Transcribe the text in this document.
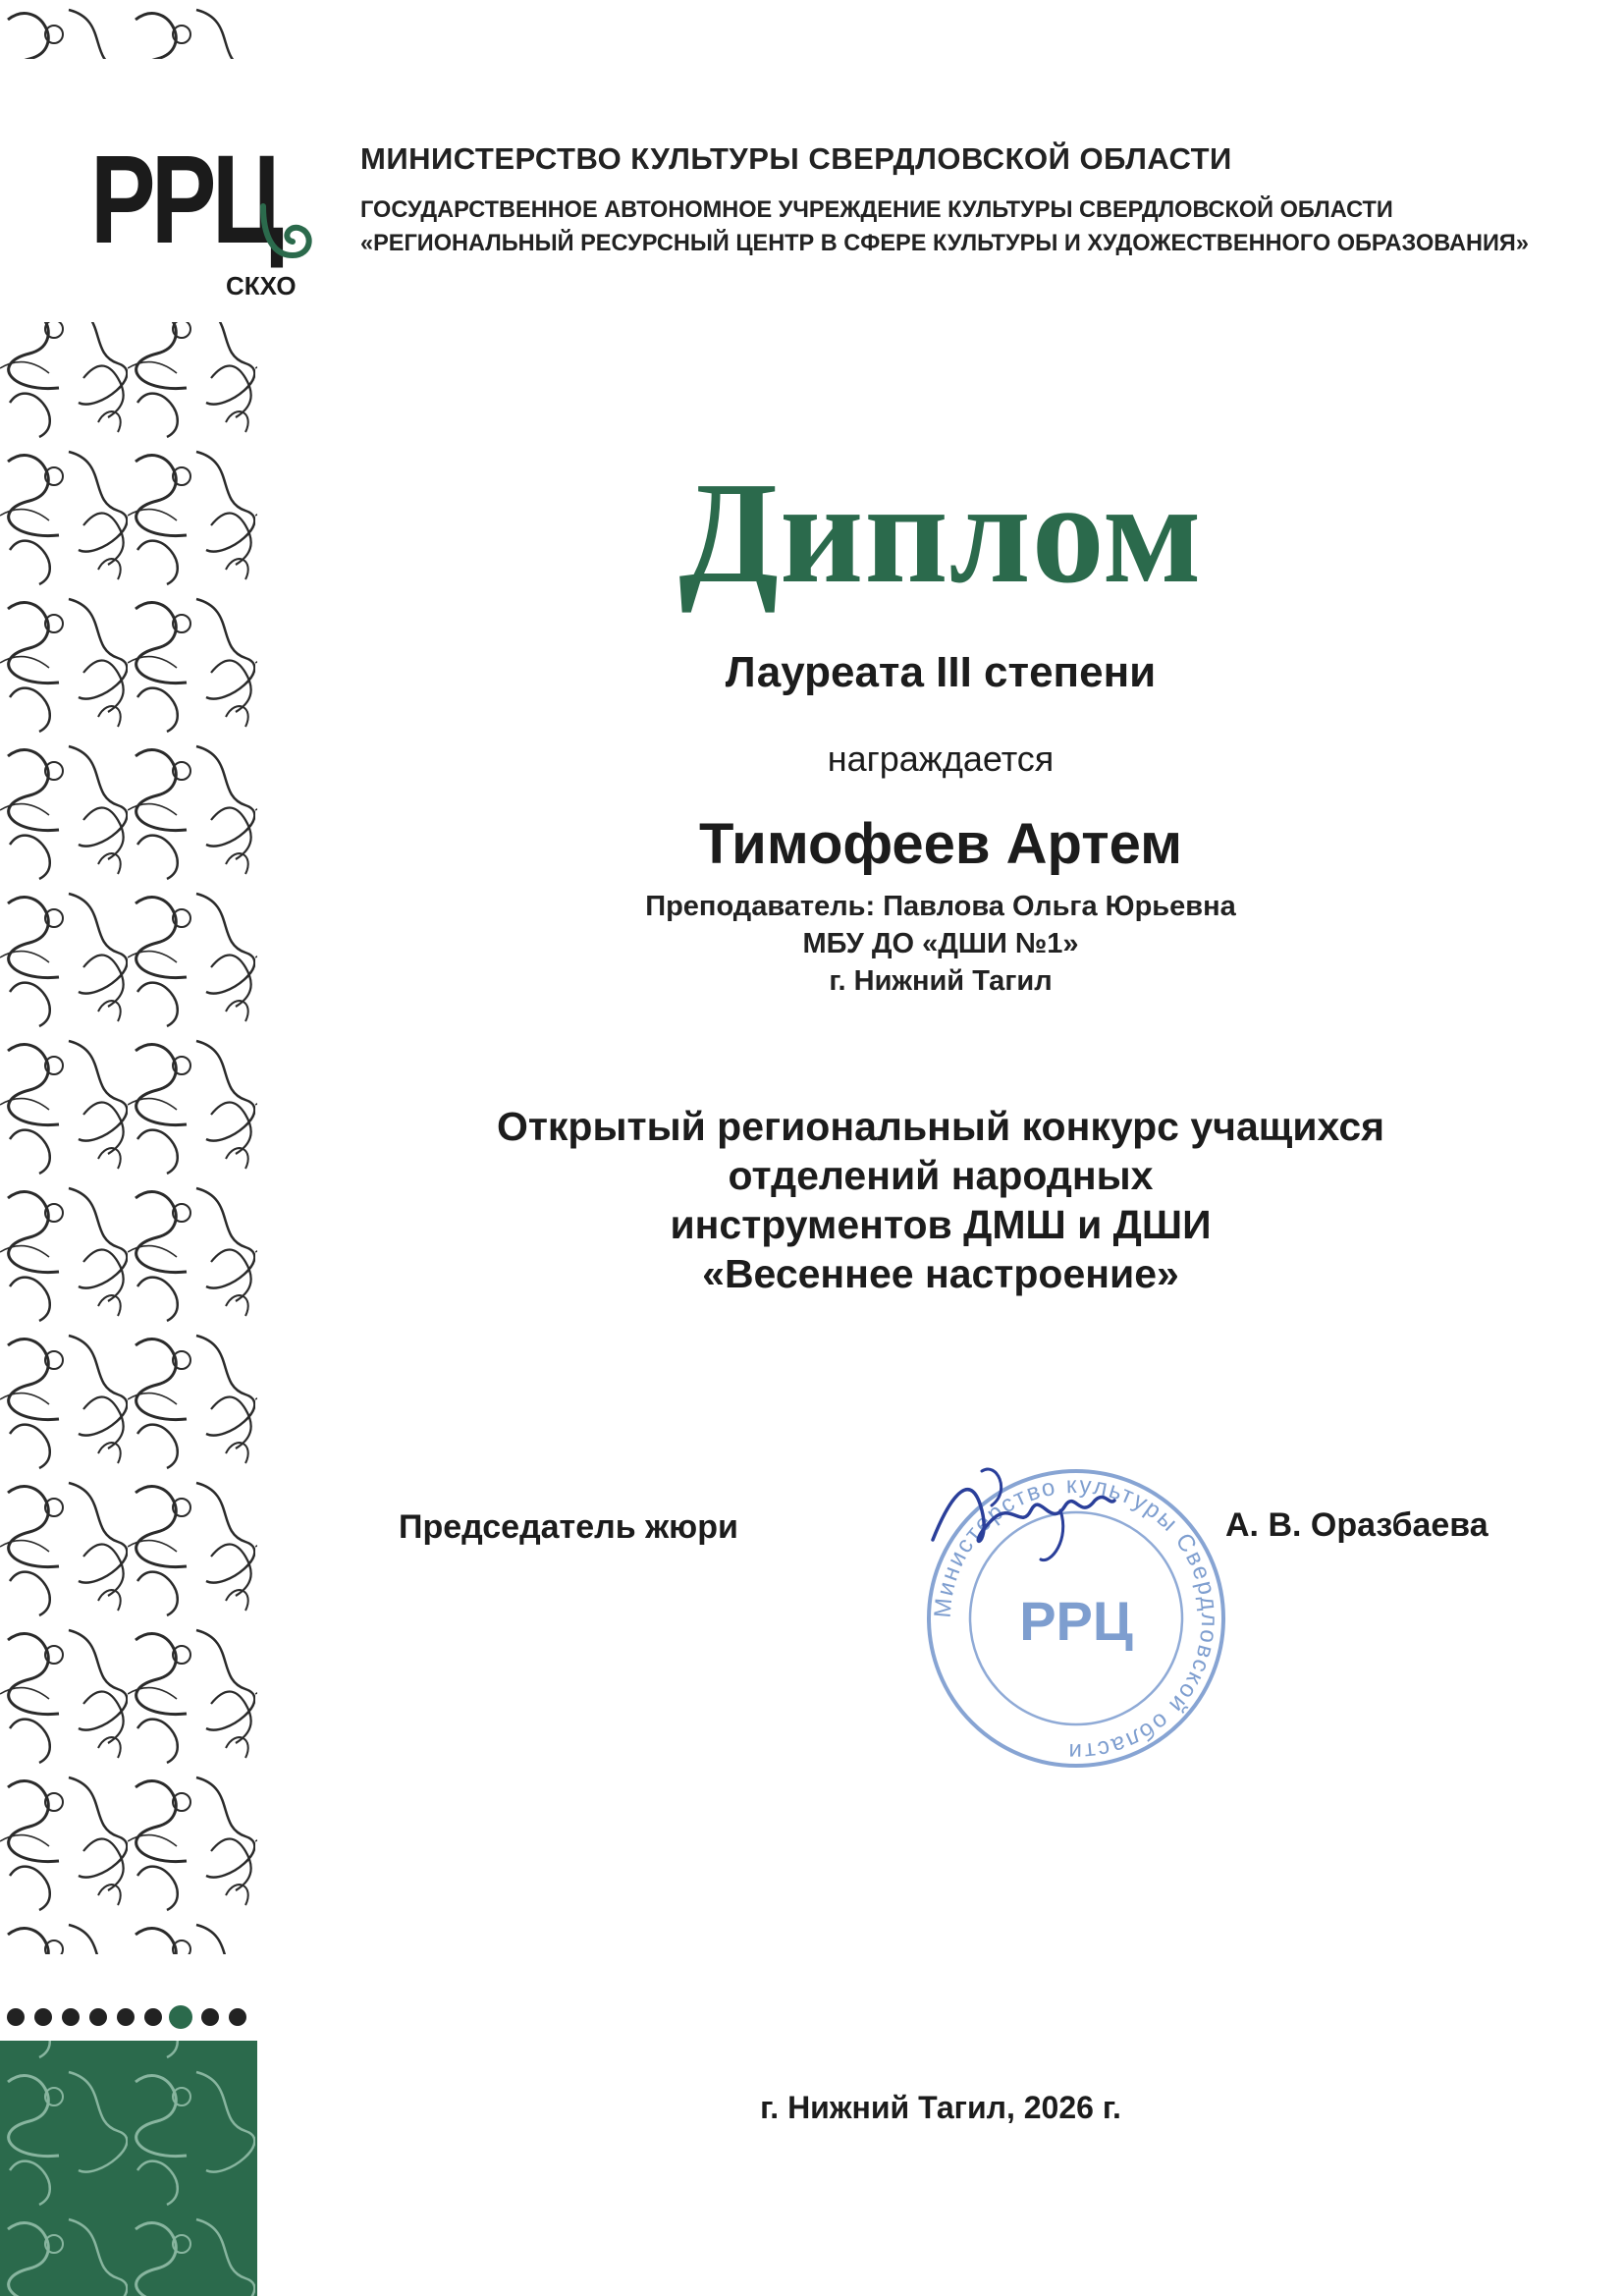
РРЦ
СКХО
МИНИСТЕРСТВО КУЛЬТУРЫ СВЕРДЛОВСКОЙ ОБЛАСТИ
ГОСУДАРСТВЕННОЕ АВТОНОМНОЕ УЧРЕЖДЕНИЕ КУЛЬТУРЫ СВЕРДЛОВСКОЙ ОБЛАСТИ
«РЕГИОНАЛЬНЫЙ РЕСУРСНЫЙ ЦЕНТР В СФЕРЕ КУЛЬТУРЫ И ХУДОЖЕСТВЕННОГО ОБРАЗОВАНИЯ»
Диплом
Лауреата III степени
награждается
Тимофеев Артем
Преподаватель: Павлова Ольга Юрьевна
МБУ ДО «ДШИ №1»
г. Нижний Тагил
Открытый региональный конкурс учащихся
отделений народных
инструментов ДМШ и ДШИ
«Весеннее настроение»
Министерство культуры Свердловской области
РРЦ
Председатель жюри	А. В. Оразбаева
г. Нижний Тагил, 2026 г.
